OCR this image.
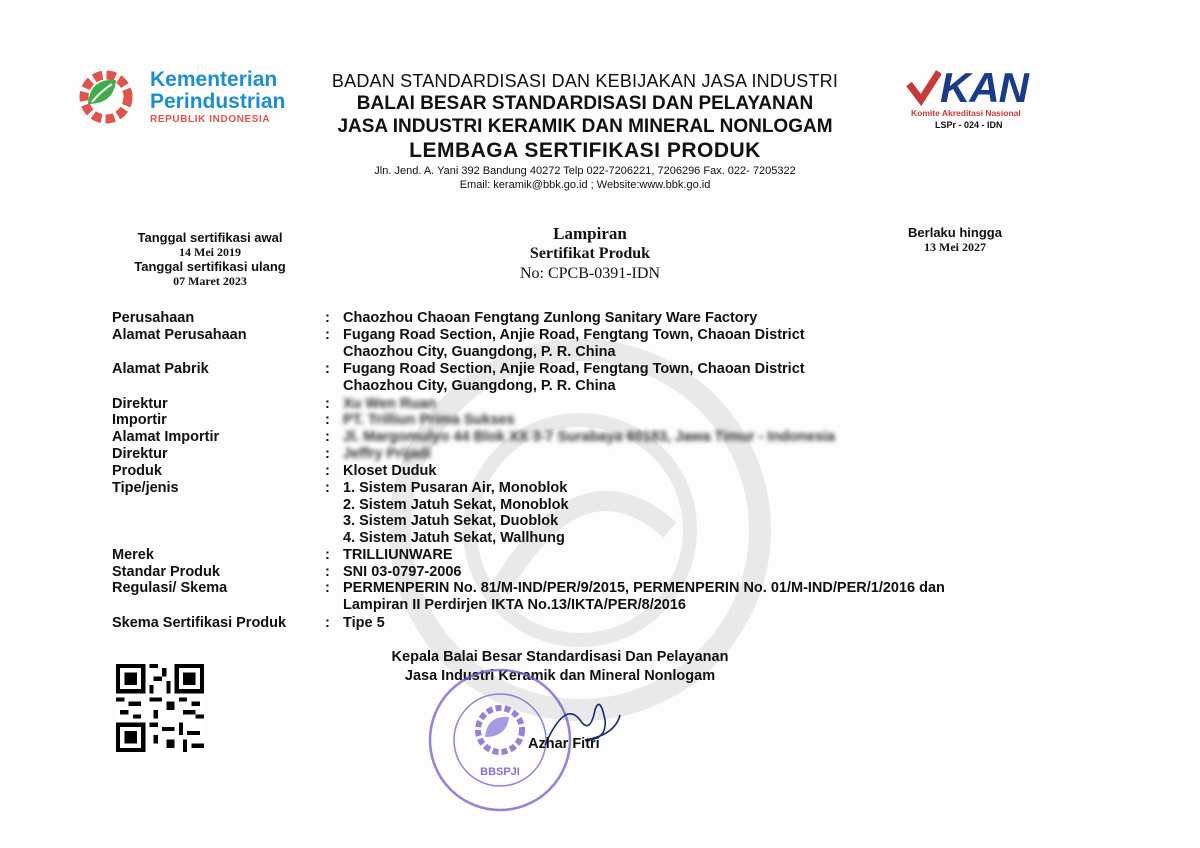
Kementerian
Perindustrian
REPUBLIK INDONESIA
BADAN STANDARDISASI DAN KEBIJAKAN JASA INDUSTRI
BALAI BESAR STANDARDISASI DAN PELAYANAN
JASA INDUSTRI KERAMIK DAN MINERAL NONLOGAM
LEMBAGA SERTIFIKASI PRODUK
Jln. Jend. A. Yani 392 Bandung 40272 Telp 022-7206221, 7206296 Fax. 022- 7205322
Email: keramik@bbk.go.id ; Website:www.bbk.go.id
KAN
Komite Akreditasi Nasional
LSPr - 024 - IDN
Tanggal sertifikasi awal
14 Mei 2019
Tanggal sertifikasi ulang
07 Maret 2023
Lampiran
Sertifikat Produk
No: CPCB-0391-IDN
Berlaku hingga
13 Mei 2027
Perusahaan	: Chaozhou Chaoan Fengtang Zunlong Sanitary Ware Factory
Alamat Perusahaan	: Fugang Road Section, Anjie Road, Fengtang Town, Chaoan District
Chaozhou City, Guangdong, P. R. China
Alamat Pabrik	: Fugang Road Section, Anjie Road, Fengtang Town, Chaoan District
Chaozhou City, Guangdong, P. R. China
Direktur	: Xu Wen Ruan
Importir	: PT. Trilliun Prima Sukses
Alamat Importir	: Jl. Margomulyo 44 Blok XX 3-7 Surabaya 60183, Jawa Timur - Indonesia
Direktur	: Jeffry Prijadi
Produk	: Kloset Duduk
Tipe/jenis	: 1. Sistem Pusaran Air, Monoblok
2. Sistem Jatuh Sekat, Monoblok
3. Sistem Jatuh Sekat, Duoblok
4. Sistem Jatuh Sekat, Wallhung
Merek	: TRILLIUNWARE
Standar Produk	: SNI 03-0797-2006
Regulasi/ Skema	: PERMENPERIN No. 81/M-IND/PER/9/2015, PERMENPERIN No. 01/M-IND/PER/1/2016 dan
Lampiran II Perdirjen IKTA No.13/IKTA/PER/8/2016
Skema Sertifikasi Produk	: Tipe 5
Kepala Balai Besar Standardisasi Dan Pelayanan
Jasa Industri Keramik dan Mineral Nonlogam
BBSPJI
Azhar Fitri
